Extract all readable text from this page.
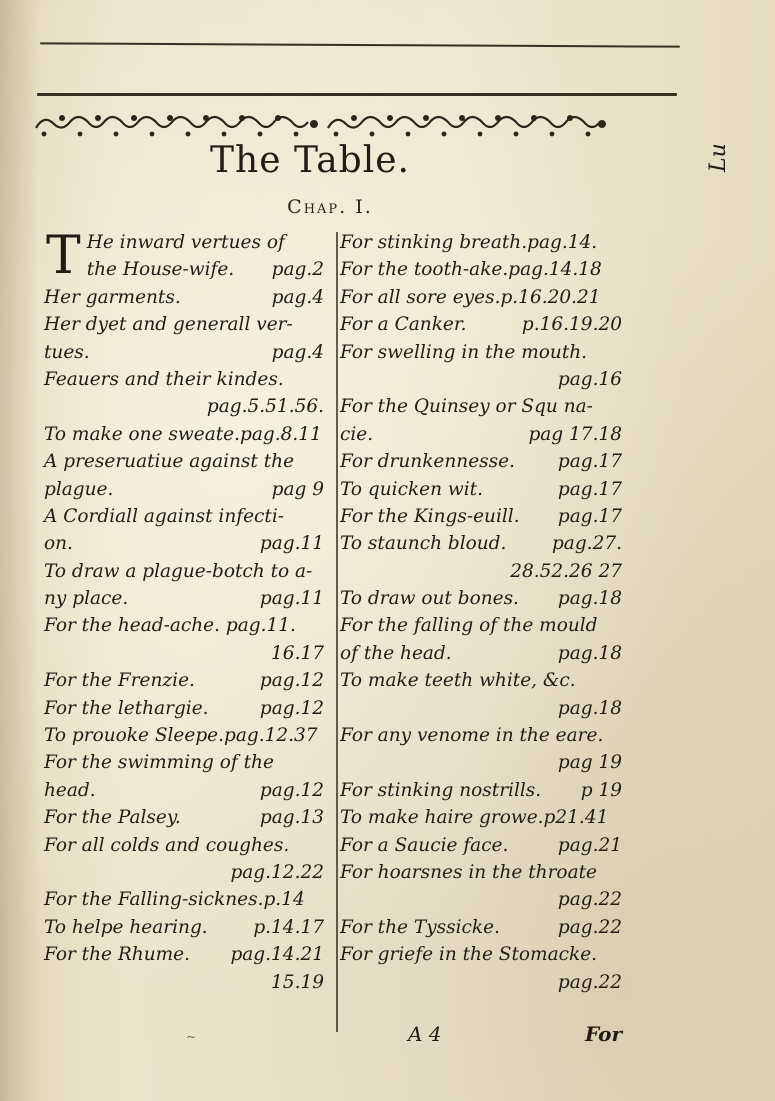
Lu
The Table.
Chap. I.
T He inward vertues of
the House-wife. pag.2
Her garments.	pag.4
Her dyet and generall ver-
tues.	pag.4
Feauers and their kindes.
pag.5.51.56.
To make one sweate.pag.8.11
A preseruatiue against the
plague.	pag 9
A Cordiall against infecti-
on.	pag.11
To draw a plague-botch to a-
ny place.	pag.11
For the head-ache. pag.11.
16.17
For the Frenzie.	pag.12
For the lethargie.	pag.12
To prouoke Sleepe.pag.12.37
For the swimming of the
head.	pag.12
For the Palsey.	pag.13
For all colds and coughes.
pag.12.22
For the Falling-sicknes.p.14
To helpe hearing. p.14.17
For the Rhume. pag.14.21
15.19
For stinking breath.pag.14.
For the tooth-ake.pag.14.18
For all sore eyes.p.16.20.21
For a Canker.	p.16.19.20
For swelling in the mouth.
pag.16
For the Quinsey or Squ na-
cie.	pag 17.18
For drunkennesse. pag.17
To quicken wit.	pag.17
For the Kings-euill. pag.17
To staunch bloud. pag.27.
28.52.26 27
To draw out bones. pag.18
For the falling of the mould
of the head.	pag.18
To make teeth white, &c.
pag.18
For any venome in the eare.
pag 19
For stinking nostrills. p 19
To make haire growe.p21.41
For a Saucie face.	pag.21
For hoarsnes in the throate
pag.22
For the Tyssicke.	pag.22
For griefe in the Stomacke.
pag.22
~	A 4	For
